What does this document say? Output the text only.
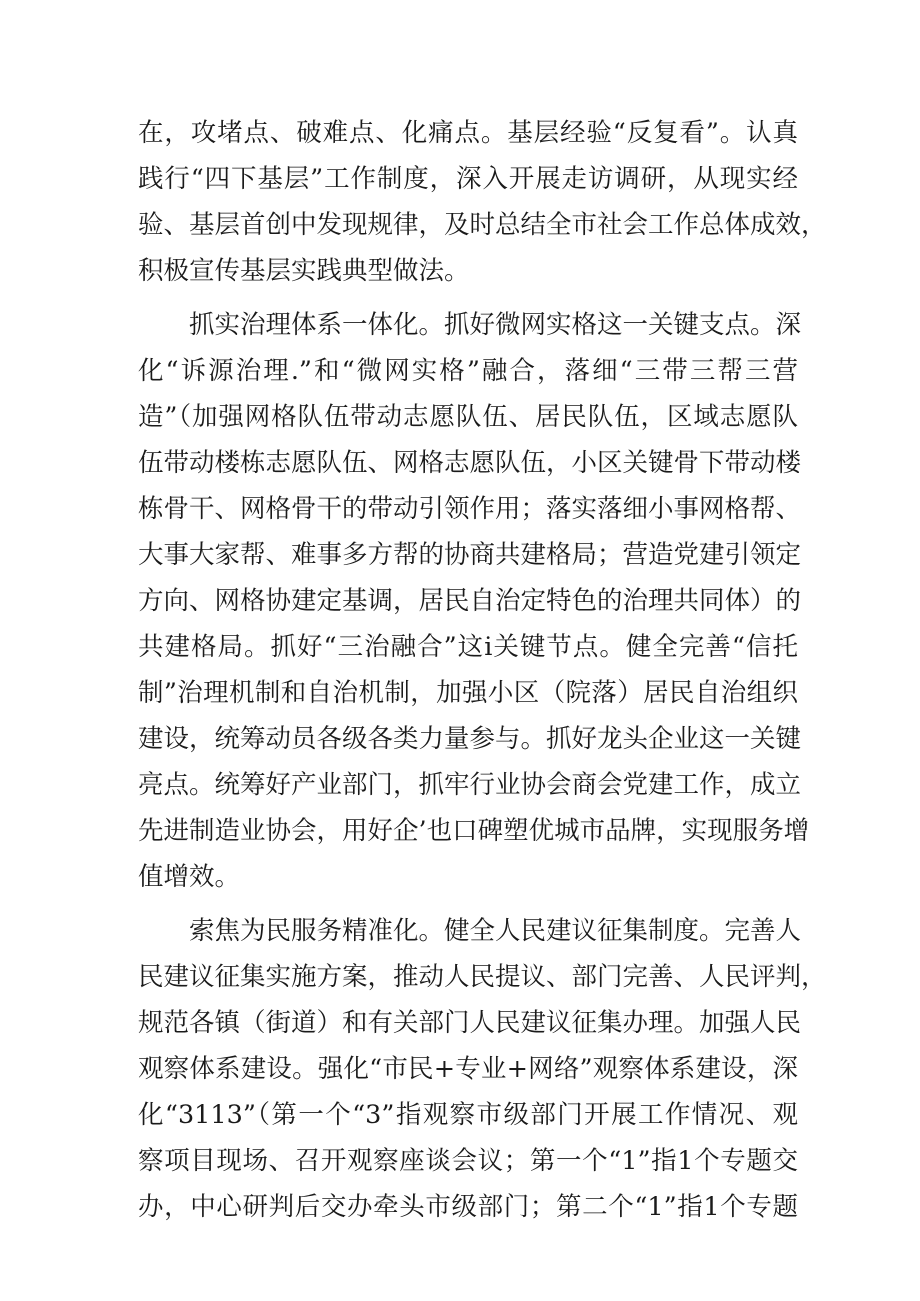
在，攻堵点、破难点、化痛点。基层经验“反复看”。认真
践行“四下基层”工作制度，深入开展走访调研，从现实经
验、基层首创中发现规律，及时总结全市社会工作总体成效，
积极宣传基层实践典型做法。
抓实治理体系一体化。抓好微网实格这一关键支点。深
化“诉源治理.”和“微网实格”融合，落细“三带三帮三营
造”（加强网格队伍带动志愿队伍、居民队伍，区域志愿队
伍带动楼栋志愿队伍、网格志愿队伍，小区关键骨下带动楼
栋骨干、网格骨干的带动引领作用；落实落细小事网格帮、
大事大家帮、难事多方帮的协商共建格局；营造党建引领定
方向、网格协建定基调，居民自治定特色的治理共同体）的
共建格局。抓好“三治融合”这i关键节点。健全完善“信托
制”治理机制和自治机制，加强小区（院落）居民自治组织
建设，统筹动员各级各类力量参与。抓好龙头企业这一关键
亮点。统筹好产业部门，抓牢行业协会商会党建工作，成立
先进制造业协会，用好企’也口碑塑优城市品牌，实现服务增
值增效。
索焦为民服务精准化。健全人民建议征集制度。完善人
民建议征集实施方案，推动人民提议、部门完善、人民评判，
规范各镇（街道）和有关部门人民建议征集办理。加强人民
观察体系建设。强化“市民+专业+网络”观察体系建设，深
化“3113”（第一个“3”指观察市级部门开展工作情况、观
察项目现场、召开观察座谈会议；第一个“1”指1个专题交
办，中心研判后交办牵头市级部门；第二个“1”指1个专题
